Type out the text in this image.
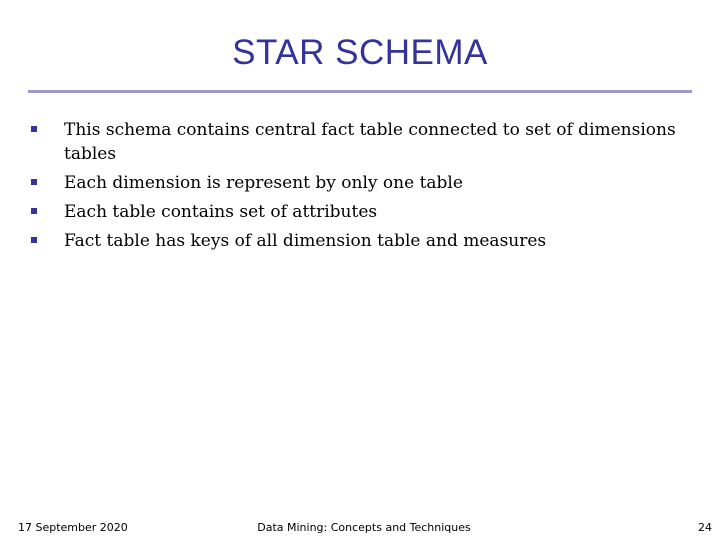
STAR SCHEMA
This schema contains central fact table connected to set of dimensions tables
Each dimension is represent by only one table
Each table contains set of attributes
Fact table has keys of all dimension table and measures
17 September 2020	Data Mining: Concepts and Techniques	24
